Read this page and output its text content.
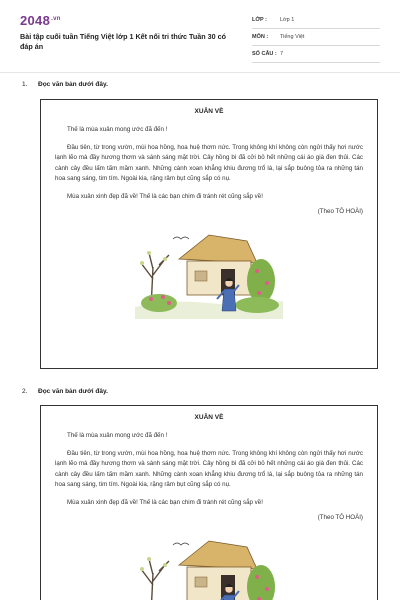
$2048^{.vn}$
Bài tập cuối tuần Tiếng Việt lớp 1 Kết nối tri thức Tuần 30 có đáp án
LỚP :	Lớp 1
MÔN :	Tiếng Việt
SỐ CÂU : 7
1. Đọc văn bản dưới đây.
XUÂN VỀ
Thế là mùa xuân mong ước đã đến !
Đầu tiên, từ trong vườn, mùi hoa hồng, hoa huệ thơm nức. Trong không khí không còn ngửi thấy hơi nước lạnh lẽo mà đầy hương thơm và sánh sáng mặt trời. Cây hồng bì đã cởi bỏ hết những cái áo già đen thủi. Các cành cây đều lấm tấm mầm xanh. Những cành xoan khẳng khiu đương trổ lá, lại sắp buông tỏa ra những tán hoa sang sáng, tim tím. Ngoài kia, rặng râm bụt cũng sắp có nụ.
Mùa xuân xinh đẹp đã về! Thế là các bạn chim đi tránh rét cũng sắp về!
(Theo TÔ HOÀI)
2. Đọc văn bản dưới đây.
XUÂN VỀ
Thế là mùa xuân mong ước đã đến !
Đầu tiên, từ trong vườn, mùi hoa hồng, hoa huệ thơm nức. Trong không khí không còn ngửi thấy hơi nước lạnh lẽo mà đầy hương thơm và sánh sáng mặt trời. Cây hồng bì đã cởi bỏ hết những cái áo già đen thủi. Các cành cây đều lấm tấm mầm xanh. Những cành xoan khẳng khiu đương trổ lá, lại sắp buông tỏa ra những tán hoa sang sáng, tim tím. Ngoài kia, rặng râm bụt cũng sắp có nụ.
Mùa xuân xinh đẹp đã về! Thế là các bạn chim đi tránh rét cũng sắp về!
(Theo TÔ HOÀI)
